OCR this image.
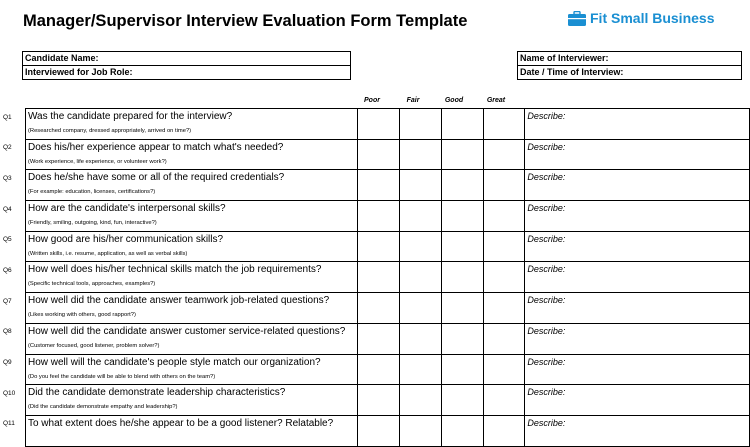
Manager/Supervisor Interview Evaluation Form Template	Fit Small Business
Candidate Name:
Interviewed for Job Role:
Name of Interviewer:
Date / Time of Interview:
Poor	Fair	Good	Great
Q1	Was the candidate prepared for the interview?
(Researched company, dressed appropriately, arrived on time?)					Describe:

Q2	Does his/her experience appear to match what's needed?
(Work experience, life experience, or volunteer work?)					Describe:

Q3	Does he/she have some or all of the required credentials?
(For example: education, licenses, certifications?)					Describe:

Q4	How are the candidate's interpersonal skills?
(Friendly, smiling, outgoing, kind, fun, interactive?)					Describe:

Q5	How good are his/her communication skills?
(Written skills, i.e. resume, application, as well as verbal skills)					Describe:

Q6	How well does his/her technical skills match the job requirements?
(Specific technical tools, approaches, examples?)					Describe:

Q7	How well did the candidate answer teamwork job-related questions?
(Likes working with others, good rapport?)					Describe:

Q8	How well did the candidate answer customer service-related questions?
(Customer focused, good listener, problem solver?)					Describe:

Q9	How well will the candidate's people style match our organization?
(Do you feel the candidate will be able to blend with others on the team?)					Describe:

Q10	Did the candidate demonstrate leadership characteristics?
(Did the candidate demonstrate empathy and leadership?)					Describe:

Q11	To what extent does he/she appear to be a good listener? Relatable?					Describe:
